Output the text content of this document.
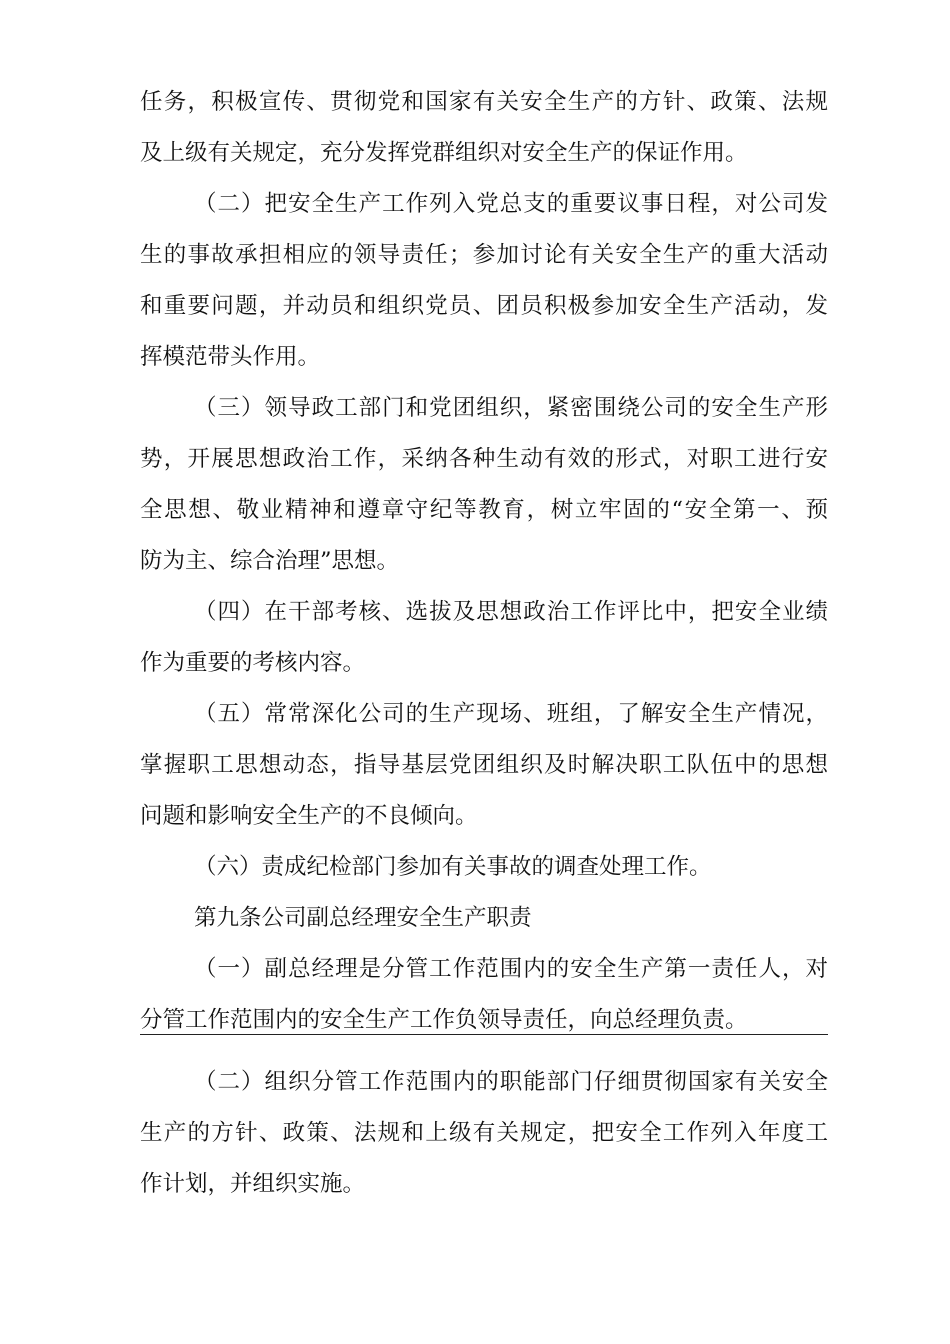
任务，积极宣传、贯彻党和国家有关安全生产的方针、政策、法规
及上级有关规定，充分发挥党群组织对安全生产的保证作用。
（二）把安全生产工作列入党总支的重要议事日程，对公司发
生的事故承担相应的领导责任；参加讨论有关安全生产的重大活动
和重要问题，并动员和组织党员、团员积极参加安全生产活动，发
挥模范带头作用。
（三）领导政工部门和党团组织，紧密围绕公司的安全生产形
势，开展思想政治工作，采纳各种生动有效的形式，对职工进行安
全思想、敬业精神和遵章守纪等教育，树立牢固的“安全第一、预
防为主、综合治理”思想。
（四）在干部考核、选拔及思想政治工作评比中，把安全业绩
作为重要的考核内容。
（五）常常深化公司的生产现场、班组，了解安全生产情况，
掌握职工思想动态，指导基层党团组织及时解决职工队伍中的思想
问题和影响安全生产的不良倾向。
（六）责成纪检部门参加有关事故的调查处理工作。
第九条公司副总经理安全生产职责
（一）副总经理是分管工作范围内的安全生产第一责任人，对
分管工作范围内的安全生产工作负领导责任，向总经理负责。
（二）组织分管工作范围内的职能部门仔细贯彻国家有关安全
生产的方针、政策、法规和上级有关规定，把安全工作列入年度工
作计划，并组织实施。
